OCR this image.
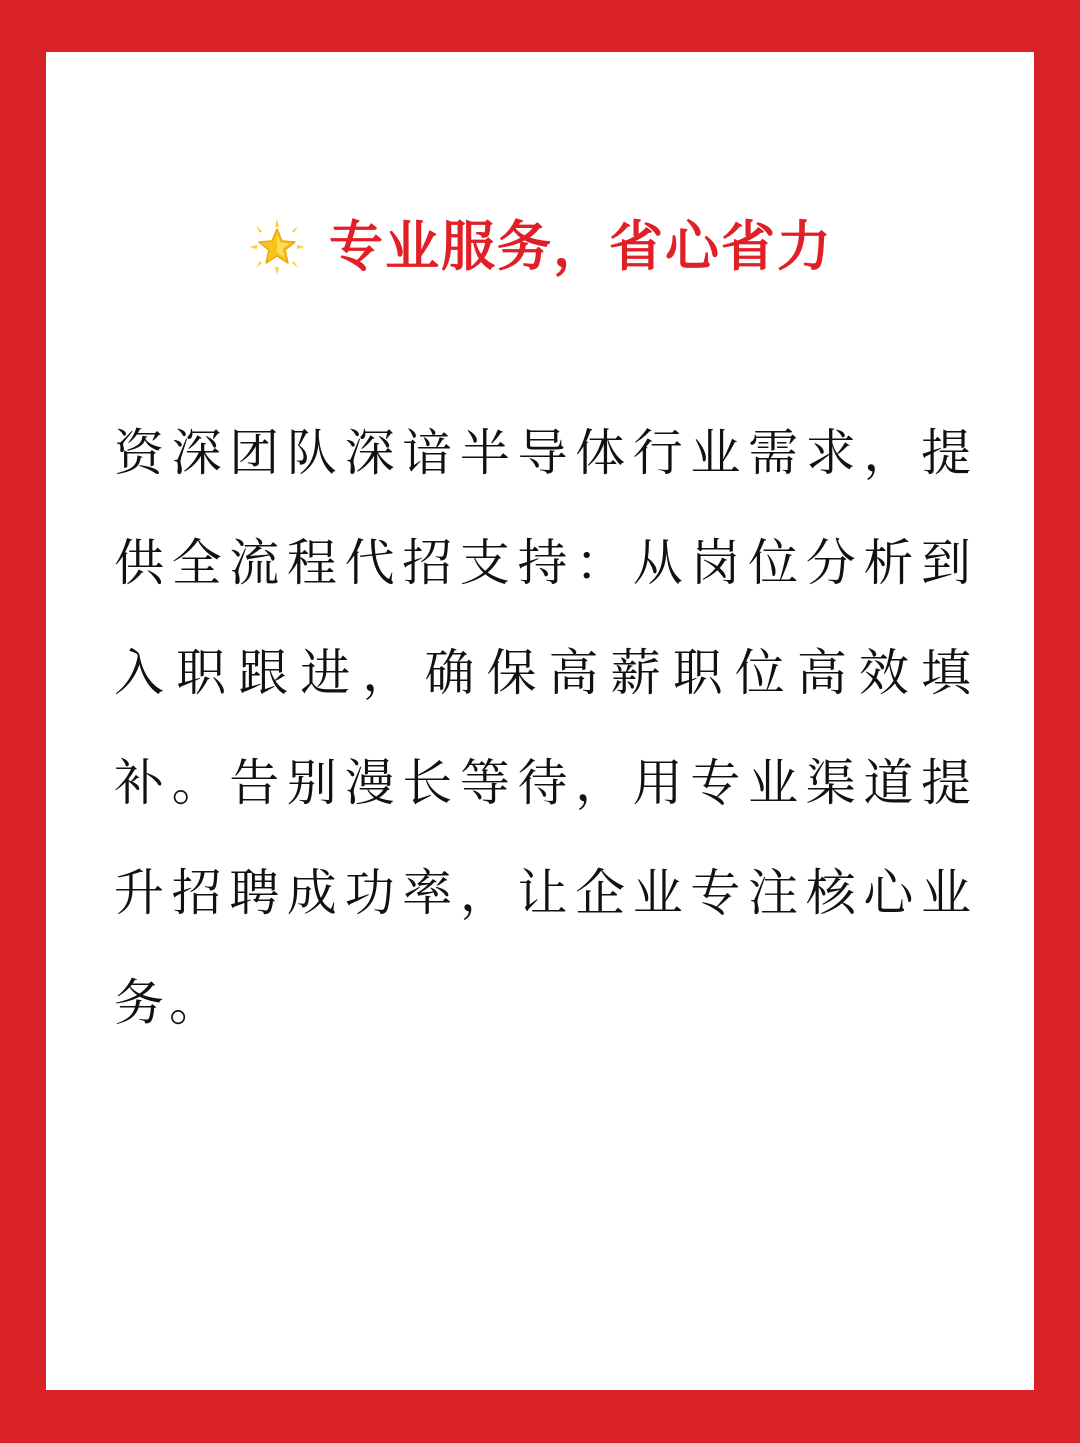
专业服务，省心省力
资深团队深谙半导体行业需求，提供全流程代招支持：从岗位分析到入职跟进，确保高薪职位高效填补。告别漫长等待，用专业渠道提升招聘成功率，让企业专注核心业务。
